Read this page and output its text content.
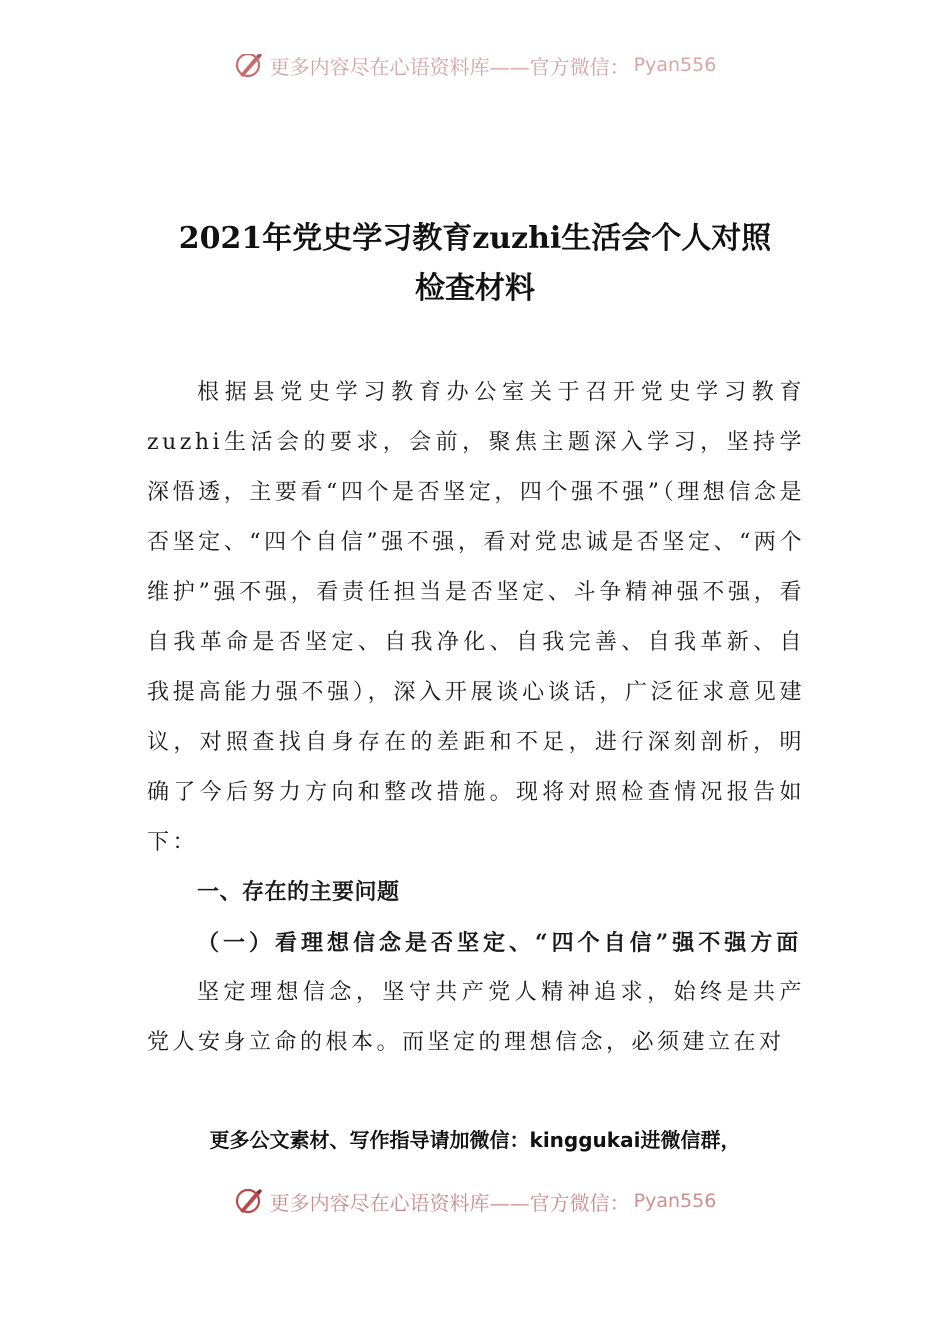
更多内容尽在心语资料库——官方微信： Pyan556
2021年党史学习教育zuzhi生活会个人对照
检查材料

根据县党史学习教育办公室关于召开党史学习教育zuzhi生活会的要求，会前，聚焦主题深入学习，坚持学深悟透，主要看“四个是否坚定，四个强不强”（理想信念是否坚定、“四个自信”强不强，看对党忠诚是否坚定、“两个维护”强不强，看责任担当是否坚定、斗争精神强不强，看自我革命是否坚定、自我净化、自我完善、自我革新、自我提高能力强不强），深入开展谈心谈话，广泛征求意见建议，对照查找自身存在的差距和不足，进行深刻剖析，明确了今后努力方向和整改措施。现将对照检查情况报告如下：

一、存在的主要问题

（一）看理想信念是否坚定、“四个自信”强不强方面

坚定理想信念，坚守共产党人精神追求，始终是共产党人安身立命的根本。而坚定的理想信念，必须建立在对

更多公文素材、写作指导请加微信：kinggukai进微信群，
更多内容尽在心语资料库——官方微信： Pyan556
